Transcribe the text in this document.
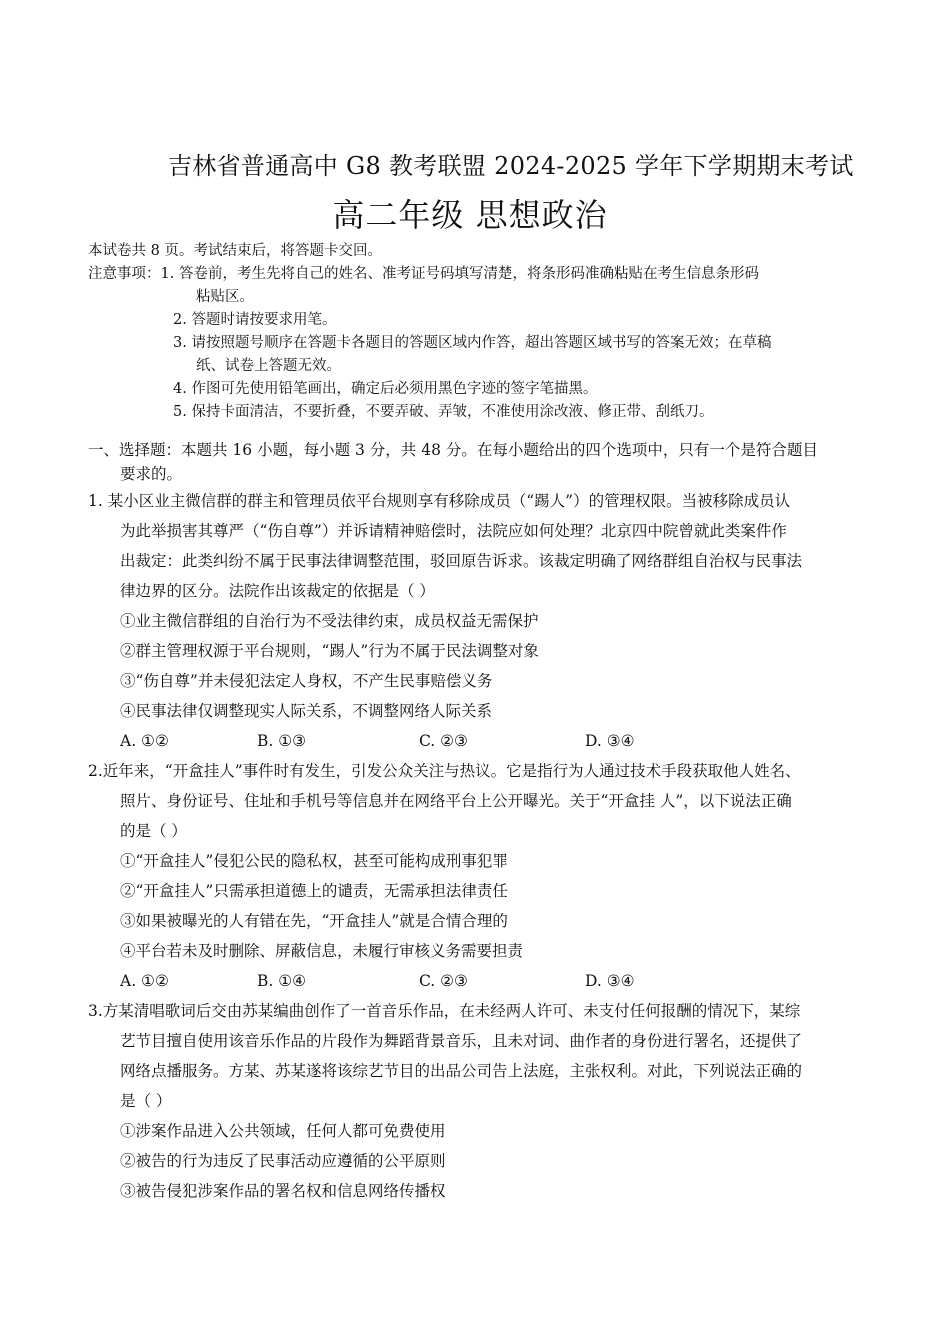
吉林省普通高中 G8 教考联盟 2024-2025 学年下学期期末考试
高二年级 思想政治
本试卷共 8 页。考试结束后，将答题卡交回。
注意事项：1. 答卷前，考生先将自己的姓名、准考证号码填写清楚，将条形码准确粘贴在考生信息条形码
粘贴区。
2. 答题时请按要求用笔。
3. 请按照题号顺序在答题卡各题目的答题区域内作答，超出答题区域书写的答案无效；在草稿
纸、试卷上答题无效。
4. 作图可先使用铅笔画出，确定后必须用黑色字迹的签字笔描黑。
5. 保持卡面清洁，不要折叠，不要弄破、弄皱，不准使用涂改液、修正带、刮纸刀。
一、选择题：本题共 16 小题，每小题 3 分，共 48 分。在每小题给出的四个选项中，只有一个是符合题目
要求的。
1. 某小区业主微信群的群主和管理员依平台规则享有移除成员（“踢人”）的管理权限。当被移除成员认
为此举损害其尊严（“伤自尊”）并诉请精神赔偿时，法院应如何处理？北京四中院曾就此类案件作
出裁定：此类纠纷不属于民事法律调整范围，驳回原告诉求。该裁定明确了网络群组自治权与民事法
律边界的区分。法院作出该裁定的依据是（ ）
①业主微信群组的自治行为不受法律约束，成员权益无需保护
②群主管理权源于平台规则，“踢人”行为不属于民法调整对象
③“伤自尊”并未侵犯法定人身权，不产生民事赔偿义务
④民事法律仅调整现实人际关系，不调整网络人际关系
A. ①②	B. ①③	C. ②③	D. ③④
2.近年来，“开盒挂人”事件时有发生，引发公众关注与热议。它是指行为人通过技术手段获取他人姓名、
照片、身份证号、住址和手机号等信息并在网络平台上公开曝光。关于“开盒挂 人”，以下说法正确
的是（ ）
①“开盒挂人”侵犯公民的隐私权，甚至可能构成刑事犯罪
②“开盒挂人”只需承担道德上的谴责，无需承担法律责任
③如果被曝光的人有错在先，“开盒挂人”就是合情合理的
④平台若未及时删除、屏蔽信息，未履行审核义务需要担责
A. ①②	B. ①④	C. ②③	D. ③④
3.方某清唱歌词后交由苏某编曲创作了一首音乐作品，在未经两人许可、未支付任何报酬的情况下，某综
艺节目擅自使用该音乐作品的片段作为舞蹈背景音乐，且未对词、曲作者的身份进行署名，还提供了
网络点播服务。方某、苏某遂将该综艺节目的出品公司告上法庭，主张权利。对此，下列说法正确的
是（ ）
①涉案作品进入公共领域，任何人都可免费使用
②被告的行为违反了民事活动应遵循的公平原则
③被告侵犯涉案作品的署名权和信息网络传播权
